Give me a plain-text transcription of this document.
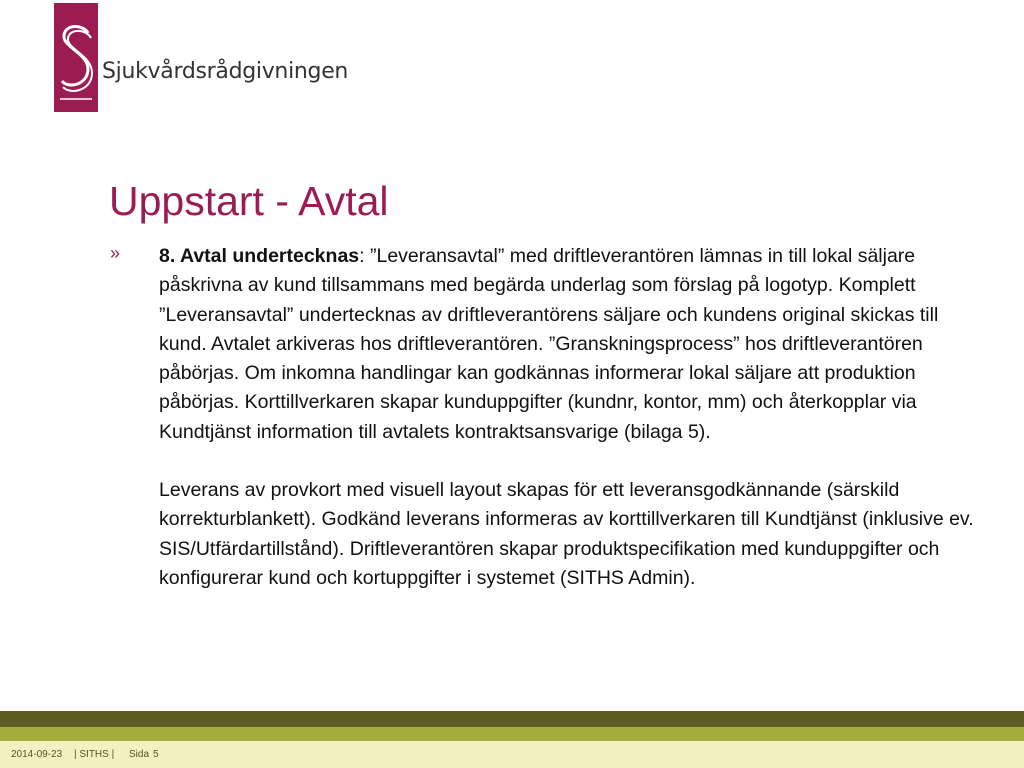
Sjukvårdsrådgivningen
Uppstart - Avtal
» 8. Avtal undertecknas: ”Leveransavtal” med driftleverantören lämnas in till lokal säljare påskrivna av kund tillsammans med begärda underlag som förslag på logotyp. Komplett ”Leveransavtal” undertecknas av driftleverantörens säljare och kundens original skickas till kund. Avtalet arkiveras hos driftleverantören. ”Granskningsprocess” hos driftleverantören påbörjas. Om inkomna handlingar kan godkännas informerar lokal säljare att produktion påbörjas. Korttillverkaren skapar kunduppgifter (kundnr, kontor, mm) och återkopplar via Kundtjänst information till avtalets kontraktsansvarige (bilaga 5).

Leverans av provkort med visuell layout skapas för ett leveransgodkännande (särskild korrekturblankett). Godkänd leverans informeras av korttillverkaren till Kundtjänst (inklusive ev. SIS/Utfärdartillstånd). Driftleverantören skapar produktspecifikation med kunduppgifter och konfigurerar kund och kortuppgifter i systemet (SITHS Admin).

2014-09-23 | SITHS | Sida 5
